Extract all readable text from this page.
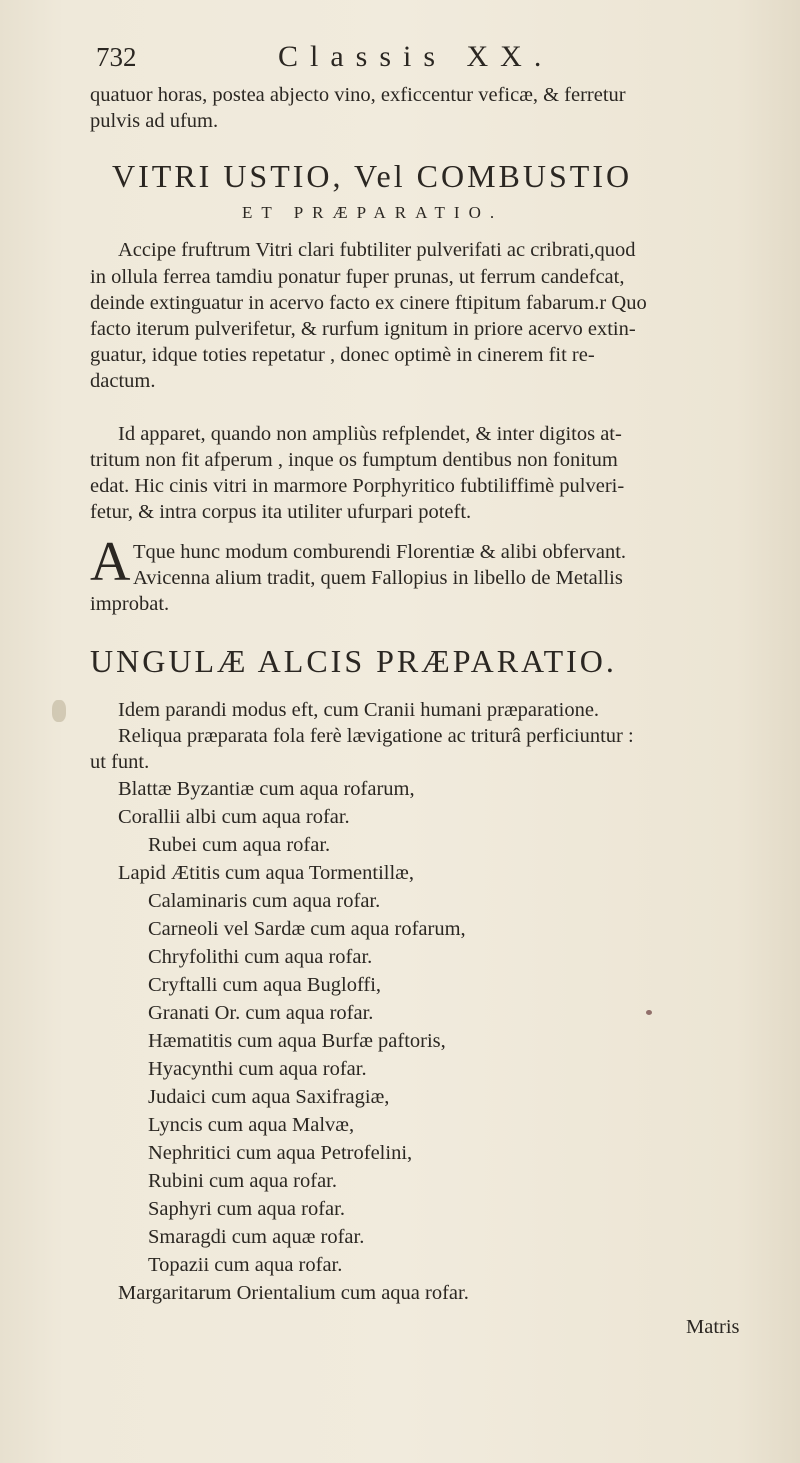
732	Classis XX.
quatuor horas, postea abjecto vino, exficcentur veficæ, & ferretur
pulvis ad ufum.
VITRI USTIO, Vel COMBUSTIO
ET PRÆPARATIO.
Accipe fruftrum Vitri clari fubtiliter pulverifati ac cribrati,quod
in ollula ferrea tamdiu ponatur fuper prunas, ut ferrum candefcat,
deinde extinguatur in acervo facto ex cinere ftipitum fabarum.r Quo
facto iterum pulverifetur, & rurfum ignitum in priore acervo extin-
guatur, idque toties repetatur , donec optimè in cinerem fit re-
dactum.
Id apparet, quando non ampliùs refplendet, & inter digitos at-
tritum non fit afperum , inque os fumptum dentibus non fonitum
edat. Hic cinis vitri in marmore Porphyritico fubtiliffimè pulveri-
fetur, & intra corpus ita utiliter ufurpari poteft.
A Tque hunc modum comburendi Florentiæ & alibi obfervant.
Avicenna alium tradit, quem Fallopius in libello de Metallis
improbat.
UNGULÆ ALCIS PRÆPARATIO.
Idem parandi modus eft, cum Cranii humani præparatione.
Reliqua præparata fola ferè lævigatione ac triturâ perficiuntur :
ut funt.
Blattæ Byzantiæ cum aqua rofarum,
Corallii albi cum aqua rofar.
Rubei cum aqua rofar.
Lapid Ætitis cum aqua Tormentillæ,
Calaminaris cum aqua rofar.
Carneoli vel Sardæ cum aqua rofarum,
Chryfolithi cum aqua rofar.
Cryftalli cum aqua Bugloffi,
Granati Or. cum aqua rofar.
Hæmatitis cum aqua Burfæ paftoris,
Hyacynthi cum aqua rofar.
Judaici cum aqua Saxifragiæ,
Lyncis cum aqua Malvæ,
Nephritici cum aqua Petrofelini,
Rubini cum aqua rofar.
Saphyri cum aqua rofar.
Smaragdi cum aquæ rofar.
Topazii cum aqua rofar.
Margaritarum Orientalium cum aqua rofar.
Matris
